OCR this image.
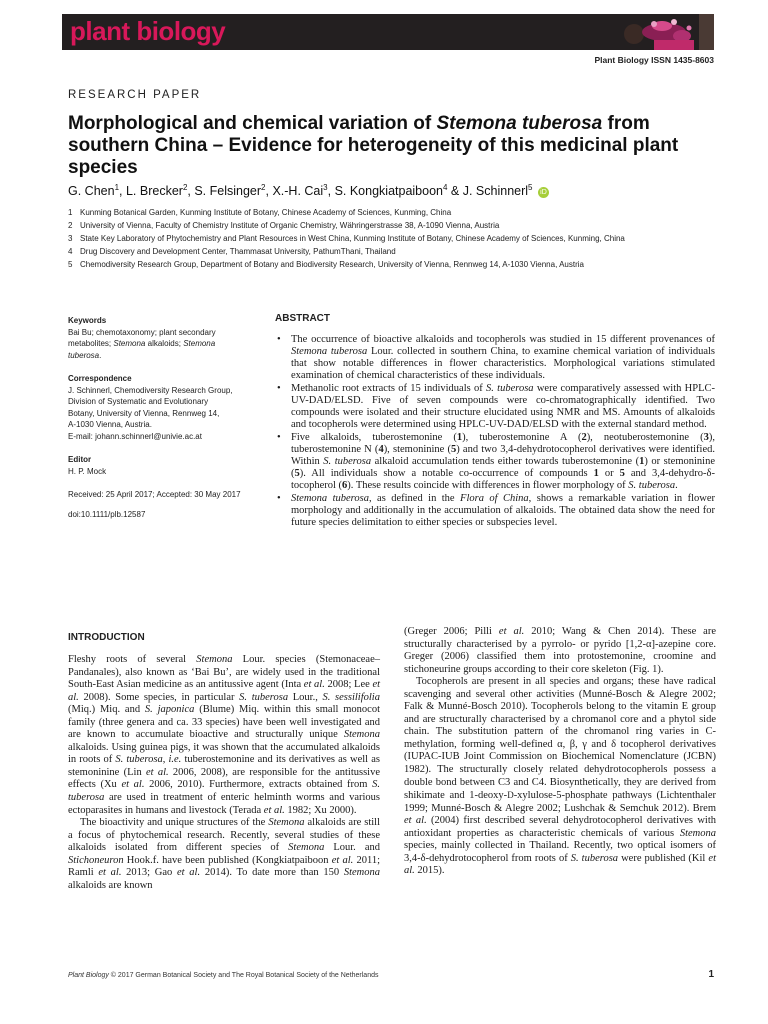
plant biology
Plant Biology ISSN 1435-8603
RESEARCH PAPER
Morphological and chemical variation of Stemona tuberosa from southern China – Evidence for heterogeneity of this medicinal plant species
G. Chen$^1$, L. Brecker$^2$, S. Felsinger$^2$, X.-H. Cai$^3$, S. Kongkiatpaiboon$^4$ & J. Schinnerl$^5$ iD
1 Kunming Botanical Garden, Kunming Institute of Botany, Chinese Academy of Sciences, Kunming, China
2 University of Vienna, Faculty of Chemistry Institute of Organic Chemistry, Währingerstrasse 38, A-1090 Vienna, Austria
3 State Key Laboratory of Phytochemistry and Plant Resources in West China, Kunming Institute of Botany, Chinese Academy of Sciences, Kunming, China
4 Drug Discovery and Development Center, Thammasat University, PathumThani, Thailand
5 Chemodiversity Research Group, Department of Botany and Biodiversity Research, University of Vienna, Rennweg 14, A-1030 Vienna, Austria
Keywords
Bai Bu; chemotaxonomy; plant secondary metabolites; Stemona alkaloids; Stemona tuberosa.
Correspondence
J. Schinnerl, Chemodiversity Research Group,
Division of Systematic and Evolutionary
Botany, University of Vienna, Rennweg 14,
A-1030 Vienna, Austria.
E-mail: johann.schinnerl@univie.ac.at
Editor
H. P. Mock
Received: 25 April 2017; Accepted: 30 May 2017
doi:10.1111/plb.12587
ABSTRACT
• The occurrence of bioactive alkaloids and tocopherols was studied in 15 different provenances of Stemona tuberosa Lour. collected in southern China, to examine chemical variation of individuals that show notable differences in flower characteristics. Morphological variations stimulated examination of chemical characteristics of these individuals.
• Methanolic root extracts of 15 individuals of S. tuberosa were comparatively assessed with HPLC-UV-DAD/ELSD. Five of seven compounds were co-chromatographically identified. Two compounds were isolated and their structure elucidated using NMR and MS. Amounts of alkaloids and tocopherols were determined using HPLC-UV-DAD/ELSD with the external standard method.
• Five alkaloids, tuberostemonine (1), tuberostemonine A (2), neotuberostemonine (3), tuberostemonine N (4), stemoninine (5) and two 3,4-dehydrotocopherol derivatives were identified. Within S. tuberosa alkaloid accumulation tends either towards tuberostemonine (1) or stemoninine (5). All individuals show a notable co-occurrence of compounds 1 or 5 and 3,4-dehydro-δ-tocopherol (6). These results coincide with differences in flower morphology of S. tuberosa.
• Stemona tuberosa, as defined in the Flora of China, shows a remarkable variation in flower morphology and additionally in the accumulation of alkaloids. The obtained data show the need for future species delimitation to either species or subspecies level.
INTRODUCTION

Fleshy roots of several Stemona Lour. species (Stemonaceae–Pandanales), also known as ‘Bai Bu’, are widely used in the traditional South-East Asian medicine as an antitussive agent (Inta et al. 2008; Lee et al. 2008). Some species, in particular S. tuberosa Lour., S. sessilifolia (Miq.) Miq. and S. japonica (Blume) Miq. within this small monocot family (three genera and ca. 33 species) have been well investigated and are known to accumulate bioactive and structurally unique Stemona alkaloids. Using guinea pigs, it was shown that the accumulated alkaloids in roots of S. tuberosa, i.e. tuberostemonine and its derivatives as well as stemoninine (Lin et al. 2006, 2008), are responsible for the antitussive effects (Xu et al. 2006, 2010). Furthermore, extracts obtained from S. tuberosa are used in treatment of enteric helminth worms and various ectoparasites in humans and livestock (Terada et al. 1982; Xu 2000).

The bioactivity and unique structures of the Stemona alkaloids are still a focus of phytochemical research. Recently, several studies of these alkaloids isolated from different species of Stemona Lour. and Stichoneuron Hook.f. have been published (Kongkiatpaiboon et al. 2011; Ramli et al. 2013; Gao et al. 2014). To date more than 150 Stemona alkaloids are known

(Greger 2006; Pilli et al. 2010; Wang & Chen 2014). These are structurally characterised by a pyrrolo- or pyrido [1,2-α]-azepine core. Greger (2006) classified them into protostemonine, croomine and stichoneurine groups according to their core skeleton (Fig. 1).

Tocopherols are present in all species and organs; these have radical scavenging and several other activities (Munné-Bosch & Alegre 2002; Falk & Munné-Bosch 2010). Tocopherols belong to the vitamin E group and are structurally characterised by a chromanol core and a phytol side chain. The substitution pattern of the chromanol ring varies in C-methylation, forming well-defined α, β, γ and δ tocopherol derivatives (IUPAC-IUB Joint Commission on Biochemical Nomenclature (JCBN) 1982). The structurally closely related dehydrotocopherols possess a double bond between C3 and C4. Biosynthetically, they are derived from shikimate and 1-deoxy-D-xylulose-5-phosphate pathways (Lichtenthaler 1999; Munné-Bosch & Alegre 2002; Lushchak & Semchuk 2012). Brem et al. (2004) first described several dehydrotocopherol derivatives with antioxidant properties as characteristic chemicals of various Stemona species, mainly collected in Thailand. Recently, two optical isomers of 3,4-δ-dehydrotocopherol from roots of S. tuberosa were published (Kil et al. 2015).

Plant Biology © 2017 German Botanical Society and The Royal Botanical Society of the Netherlands	1
